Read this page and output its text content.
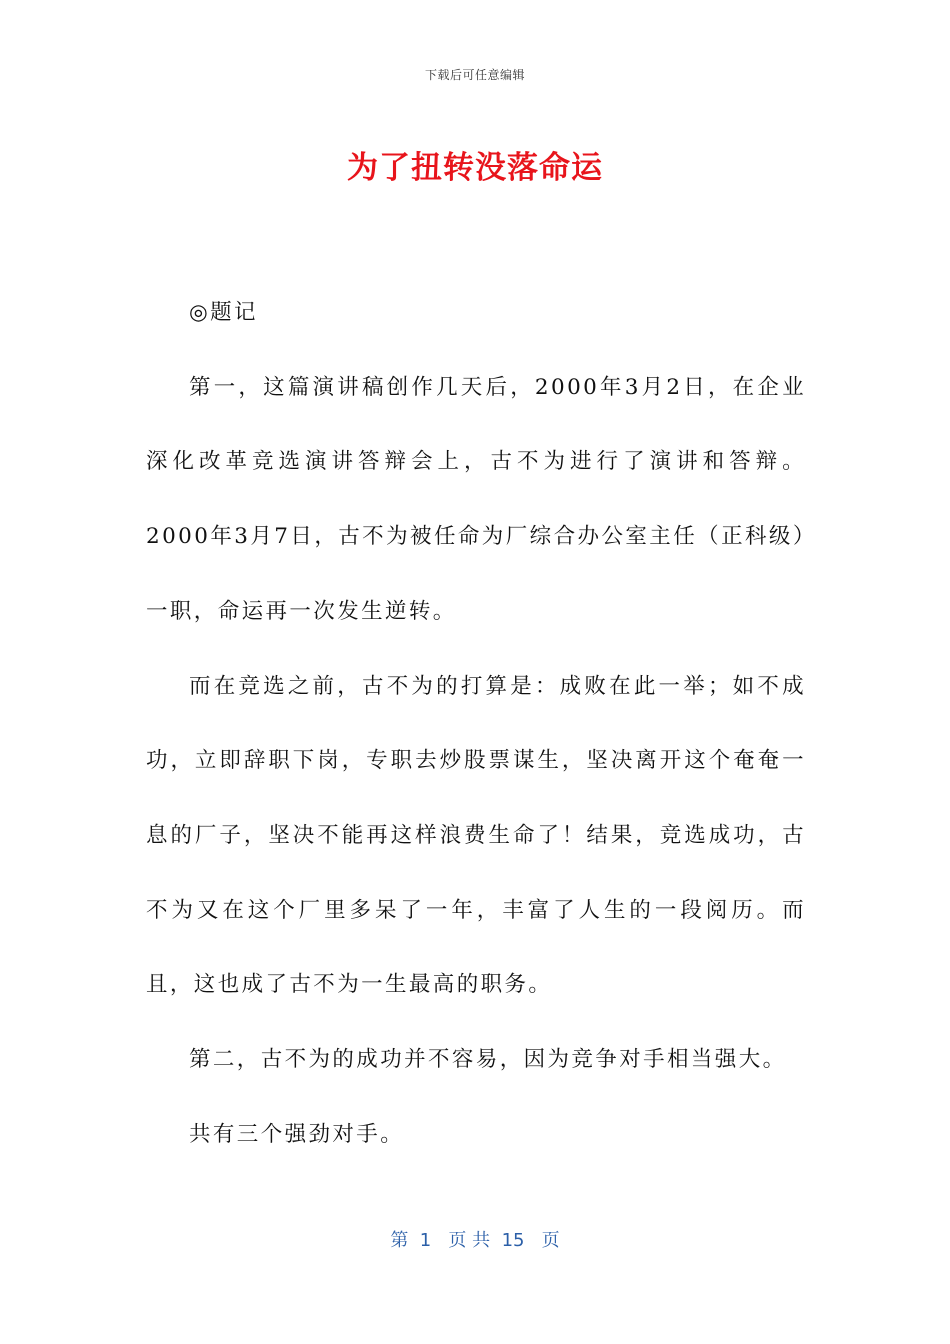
下载后可任意编辑
为了扭转没落命运

◎题记

第一，这篇演讲稿创作几天后，2000年3月2日，在企业深化改革竞选演讲答辩会上，古不为进行了演讲和答辩。2000年3月7日，古不为被任命为厂综合办公室主任（正科级）一职，命运再一次发生逆转。

而在竞选之前，古不为的打算是：成败在此一举；如不成功，立即辞职下岗，专职去炒股票谋生，坚决离开这个奄奄一息的厂子，坚决不能再这样浪费生命了！结果，竞选成功，古不为又在这个厂里多呆了一年，丰富了人生的一段阅历。而且，这也成了古不为一生最高的职务。

第二，古不为的成功并不容易，因为竞争对手相当强大。

共有三个强劲对手。

第  1   页 共  15   页
